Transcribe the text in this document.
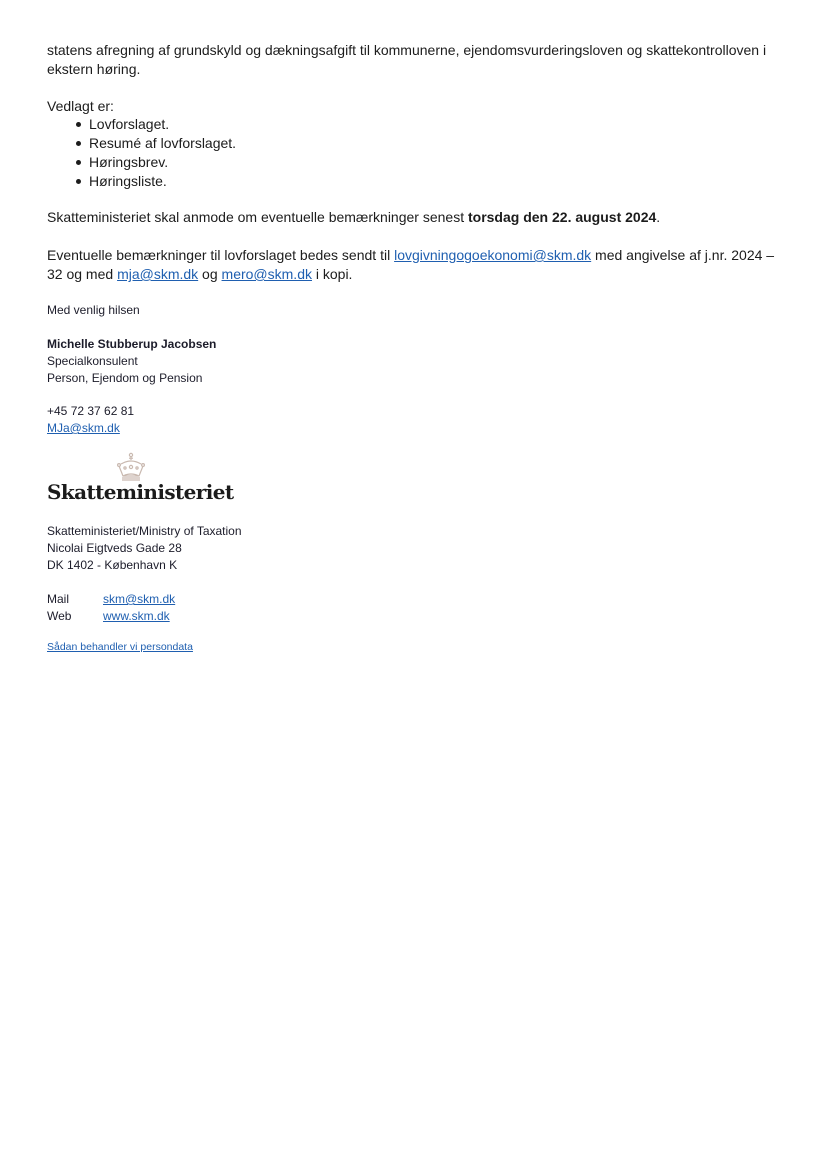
statens afregning af grundskyld og dækningsafgift til kommunerne, ejendomsvurderingsloven og skattekontrolloven i ekstern høring.
Vedlagt er:
Lovforslaget.
Resumé af lovforslaget.
Høringsbrev.
Høringsliste.
Skatteministeriet skal anmode om eventuelle bemærkninger senest torsdag den 22. august 2024.
Eventuelle bemærkninger til lovforslaget bedes sendt til lovgivningogoekonomi@skm.dk med angivelse af j.nr. 2024 – 32 og med mja@skm.dk og mero@skm.dk i kopi.
Med venlig hilsen
Michelle Stubberup Jacobsen
Specialkonsulent
Person, Ejendom og Pension
+45 72 37 62 81
MJa@skm.dk
Skatteministeriet
Skatteministeriet/Ministry of Taxation
Nicolai Eigtveds Gade 28
DK 1402 - København K
Mail	skm@skm.dk
Web	www.skm.dk
Sådan behandler vi persondata
